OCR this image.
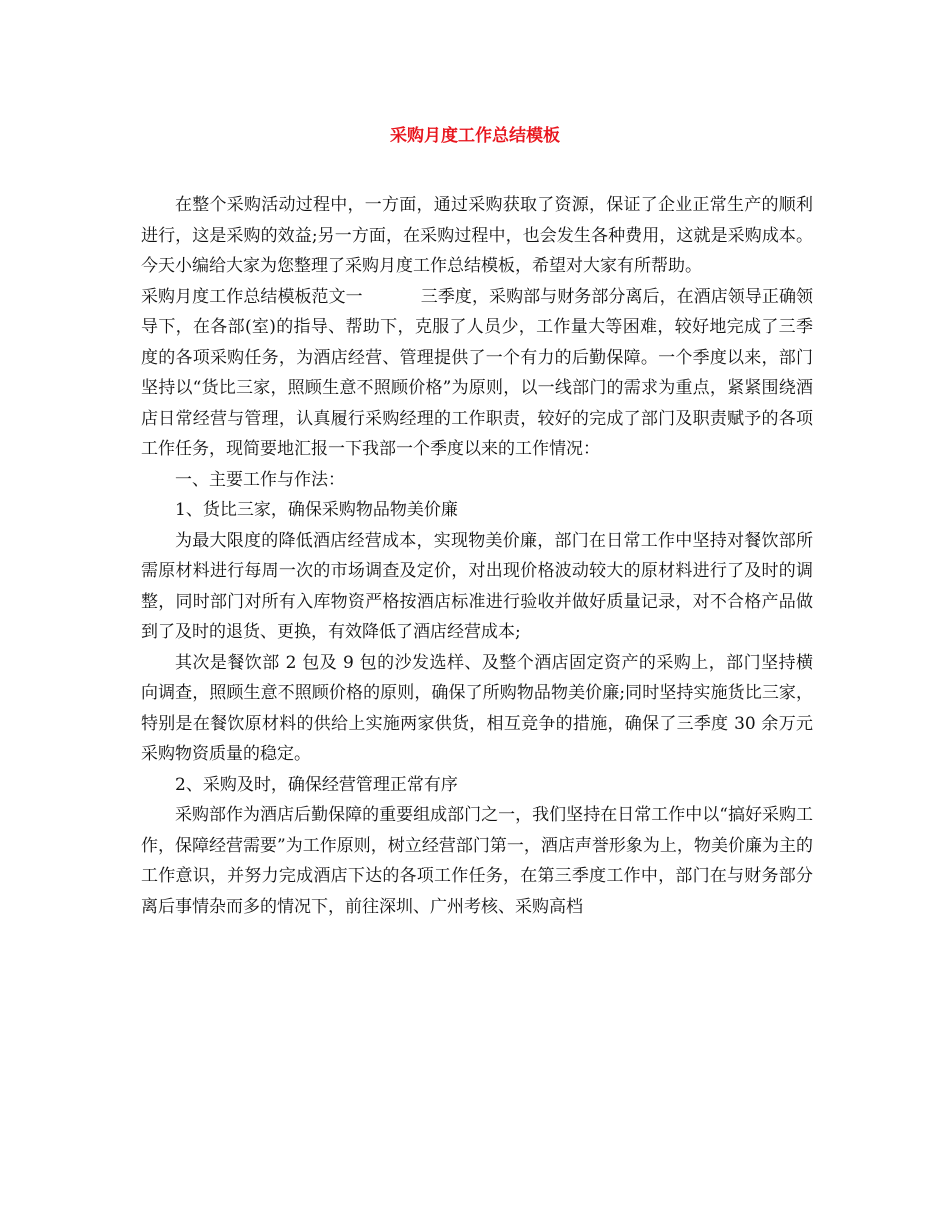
采购月度工作总结模板

在整个采购活动过程中，一方面，通过采购获取了资源，保证了企业正常生产的顺利进行，这是采购的效益;另一方面，在采购过程中，也会发生各种费用，这就是采购成本。今天小编给大家为您整理了采购月度工作总结模板，希望对大家有所帮助。

采购月度工作总结模板范文一	三季度，采购部与财务部分离后，在酒店领导正确领导下，在各部(室)的指导、帮助下，克服了人员少，工作量大等困难，较好地完成了三季度的各项采购任务，为酒店经营、管理提供了一个有力的后勤保障。一个季度以来，部门坚持以“货比三家，照顾生意不照顾价格”为原则，以一线部门的需求为重点，紧紧围绕酒店日常经营与管理，认真履行采购经理的工作职责，较好的完成了部门及职责赋予的各项工作任务，现简要地汇报一下我部一个季度以来的工作情况：

一、主要工作与作法：

1、货比三家，确保采购物品物美价廉

为最大限度的降低酒店经营成本，实现物美价廉，部门在日常工作中坚持对餐饮部所需原材料进行每周一次的市场调查及定价，对出现价格波动较大的原材料进行了及时的调整，同时部门对所有入库物资严格按酒店标准进行验收并做好质量记录，对不合格产品做到了及时的退货、更换，有效降低了酒店经营成本;

其次是餐饮部 2 包及 9 包的沙发选样、及整个酒店固定资产的采购上，部门坚持横向调查，照顾生意不照顾价格的原则，确保了所购物品物美价廉;同时坚持实施货比三家，特别是在餐饮原材料的供给上实施两家供货，相互竞争的措施，确保了三季度 30 余万元采购物资质量的稳定。

2、采购及时，确保经营管理正常有序

采购部作为酒店后勤保障的重要组成部门之一，我们坚持在日常工作中以“搞好采购工作，保障经营需要”为工作原则，树立经营部门第一，酒店声誉形象为上，物美价廉为主的工作意识，并努力完成酒店下达的各项工作任务，在第三季度工作中，部门在与财务部分离后事情杂而多的情况下，前往深圳、广州考核、采购高档
